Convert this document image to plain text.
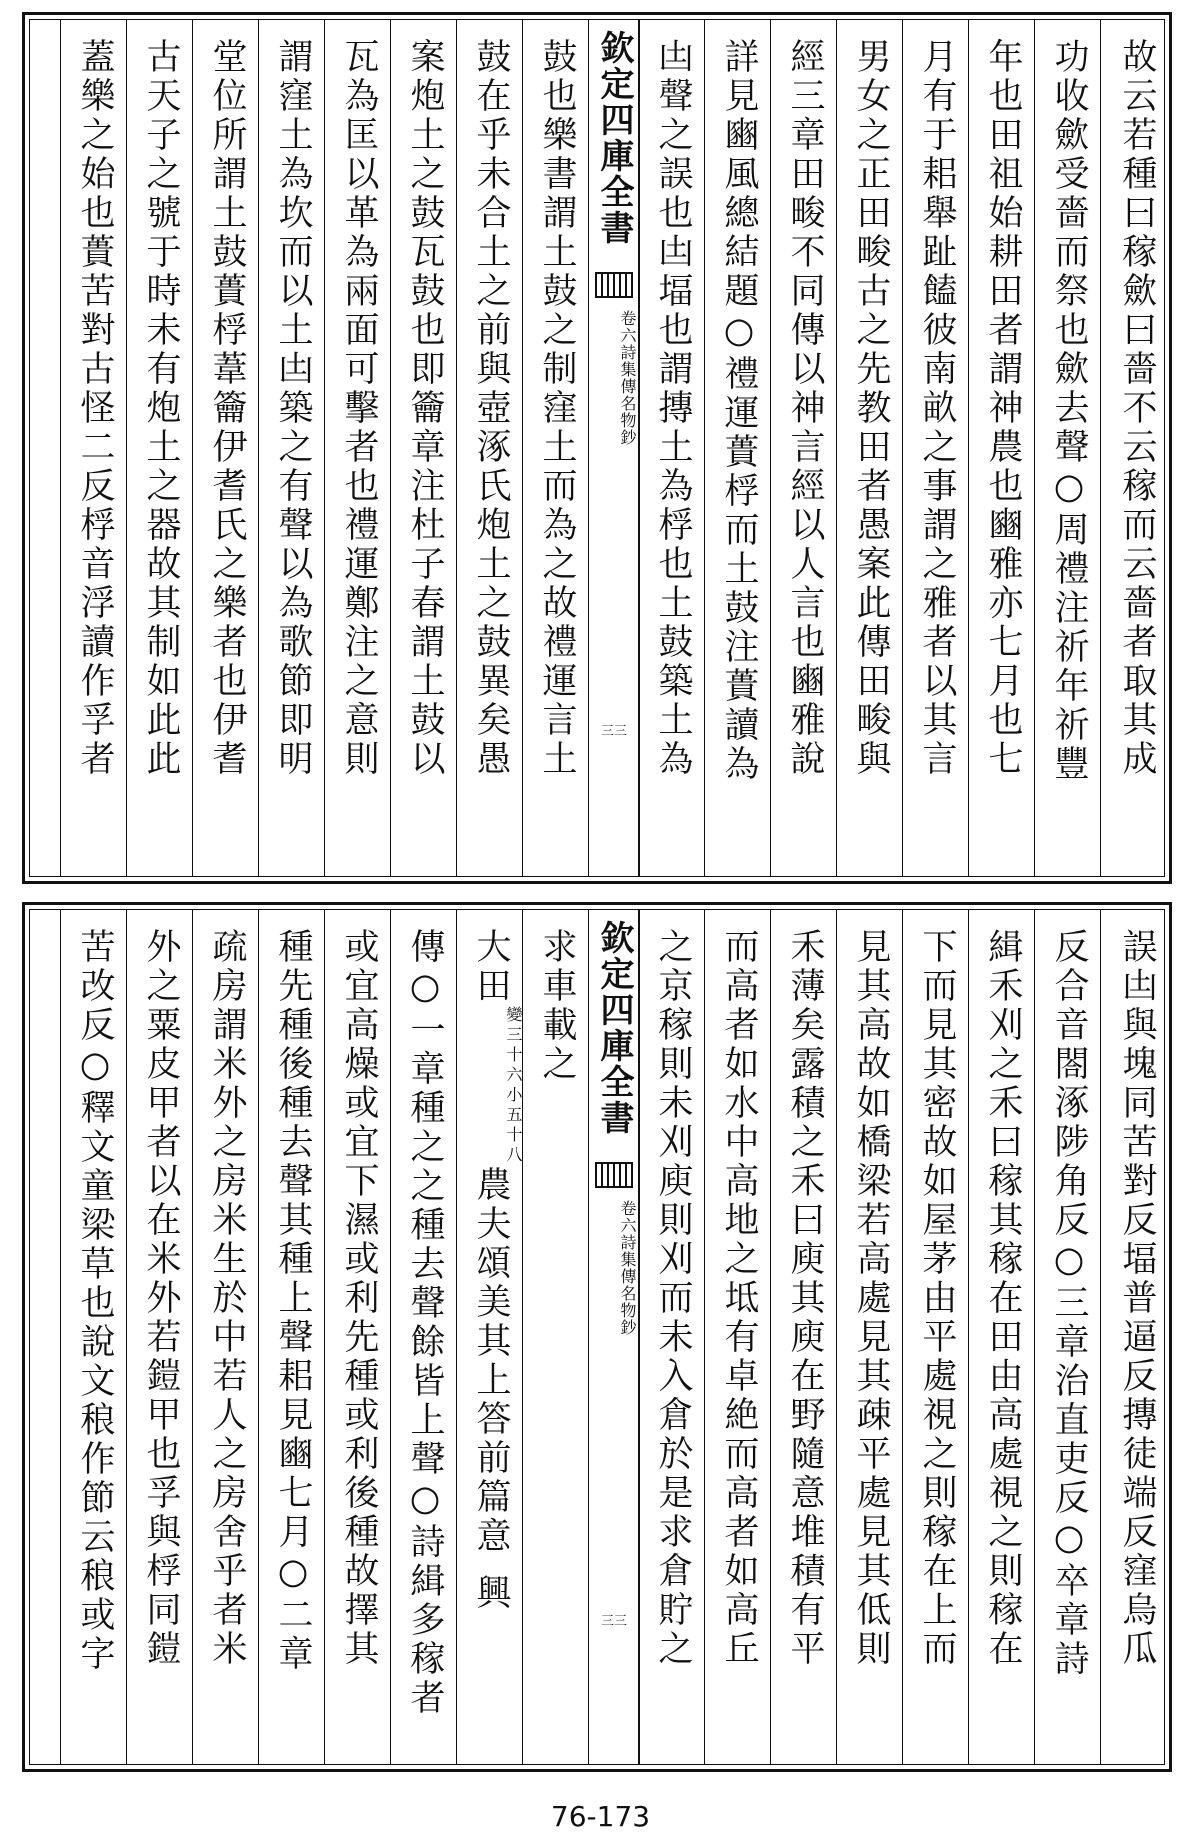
故云若種曰稼歛曰嗇不云稼而云嗇者取其成
功收歛受嗇而祭也歛去聲○周禮注祈年祈豐
年也田祖始耕田者謂神農也豳雅亦七月也七
月有于耜舉趾饁彼南畝之事謂之雅者以其言
男女之正田畯古之先教田者愚案此傳田畯與
經三章田畯不同傳以神言經以人言也豳雅說
詳見豳風總結題○禮運蕢桴而土鼓注蕢讀為
凷聲之誤也凷堛也謂摶土為桴也土鼓築土為
欽定四庫全書
卷六
詩集傳名物鈔
三三
鼓也樂書謂土鼓之制窪土而為之故禮運言土
鼓在乎未合土之前與壺涿氏炮土之鼓異矣愚
案炮土之鼓瓦鼓也即籥章注杜子春謂土鼓以
瓦為匡以革為兩面可擊者也禮運鄭注之意則
謂窪土為坎而以土凷築之有聲以為歌節即明
堂位所謂土鼓蕢桴葦籥伊耆氏之樂者也伊耆
古天子之號于時未有炮土之器故其制如此此
蓋樂之始也蕢苦對古怪二反桴音浮讀作孚者
誤凷與塊同苦對反堛普逼反摶徒端反窪烏瓜
反合音閤涿陟角反○三章治直吏反○卒章詩
緝禾刈之禾曰稼其稼在田由高處視之則稼在
下而見其密故如屋茅由平處視之則稼在上而
見其高故如橋梁若高處見其疎平處見其低則
禾薄矣露積之禾曰庾其庾在野隨意堆積有平
而高者如水中高地之坻有卓絶而高者如高丘
之京稼則未刈庾則刈而未入倉於是求倉貯之
欽定四庫全書
卷六
詩集傳名物鈔
三三
求車載之
大田
小五十八
變三十六
農夫頌美其上答前篇意
興
傳○一章種之之種去聲餘皆上聲○詩緝多稼者
或宜高燥或宜下濕或利先種或利後種故擇其
種先種後種去聲其種上聲耜見豳七月○二章
疏房謂米外之房米生於中若人之房舍乎者米
外之粟皮甲者以在米外若鎧甲也孚與桴同鎧
苦改反○釋文童梁草也說文稂作節云稂或字
76-173
